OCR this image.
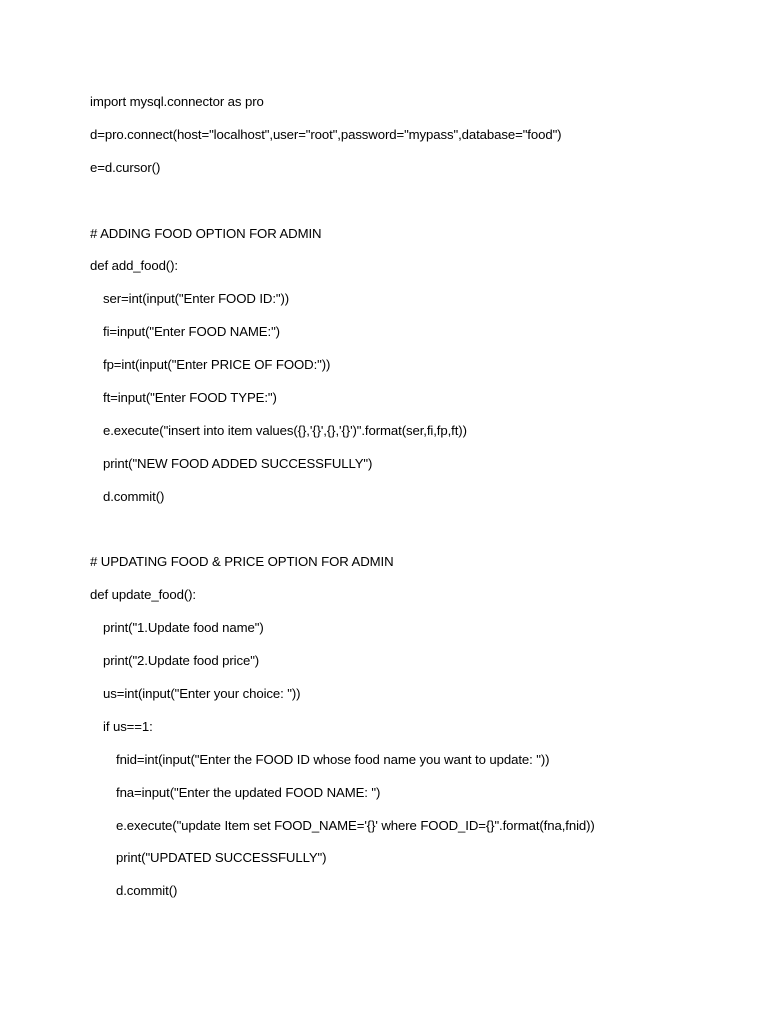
import mysql.connector as pro
d=pro.connect(host="localhost",user="root",password="mypass",database="food")
e=d.cursor()
# ADDING FOOD OPTION FOR ADMIN
def add_food():
ser=int(input("Enter FOOD ID:"))
fi=input("Enter FOOD NAME:")
fp=int(input("Enter PRICE OF FOOD:"))
ft=input("Enter FOOD TYPE:")
e.execute("insert into item values({},'{}',{},'{}')".format(ser,fi,fp,ft))
print("NEW FOOD ADDED SUCCESSFULLY")
d.commit()
# UPDATING FOOD & PRICE OPTION FOR ADMIN
def update_food():
print("1.Update food name")
print("2.Update food price")
us=int(input("Enter your choice: "))
if us==1:
fnid=int(input("Enter the FOOD ID whose food name you want to update: "))
fna=input("Enter the updated FOOD NAME: ")
e.execute("update Item set FOOD_NAME='{}' where FOOD_ID={}".format(fna,fnid))
print("UPDATED SUCCESSFULLY")
d.commit()
